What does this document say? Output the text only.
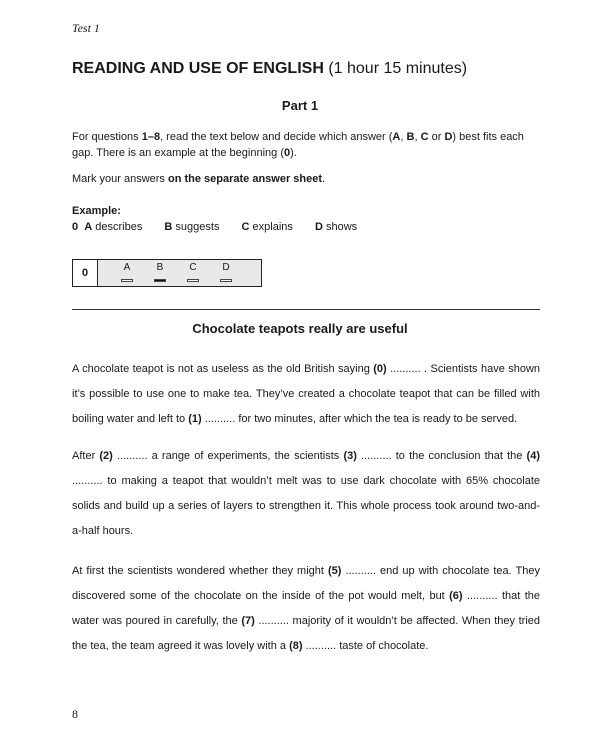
Test 1
READING AND USE OF ENGLISH (1 hour 15 minutes)
Part 1
For questions 1–8, read the text below and decide which answer (A, B, C or D) best fits each gap. There is an example at the beginning (0).
Mark your answers on the separate answer sheet.
Example:
0 A describes B suggests C explains D shows
0	A	B	C	D
Chocolate teapots really are useful
A chocolate teapot is not as useless as the old British saying (0) .......... . Scientists have shown it’s possible to use one to make tea. They’ve created a chocolate teapot that can be filled with boiling water and left to (1) .......... for two minutes, after which the tea is ready to be served.
After (2) .......... a range of experiments, the scientists (3) .......... to the conclusion that the (4) .......... to making a teapot that wouldn’t melt was to use dark chocolate with 65% chocolate solids and build up a series of layers to strengthen it. This whole process took around two-and-a-half hours.
At first the scientists wondered whether they might (5) .......... end up with chocolate tea. They discovered some of the chocolate on the inside of the pot would melt, but (6) .......... that the water was poured in carefully, the (7) .......... majority of it wouldn’t be affected. When they tried the tea, the team agreed it was lovely with a (8) .......... taste of chocolate.
8
